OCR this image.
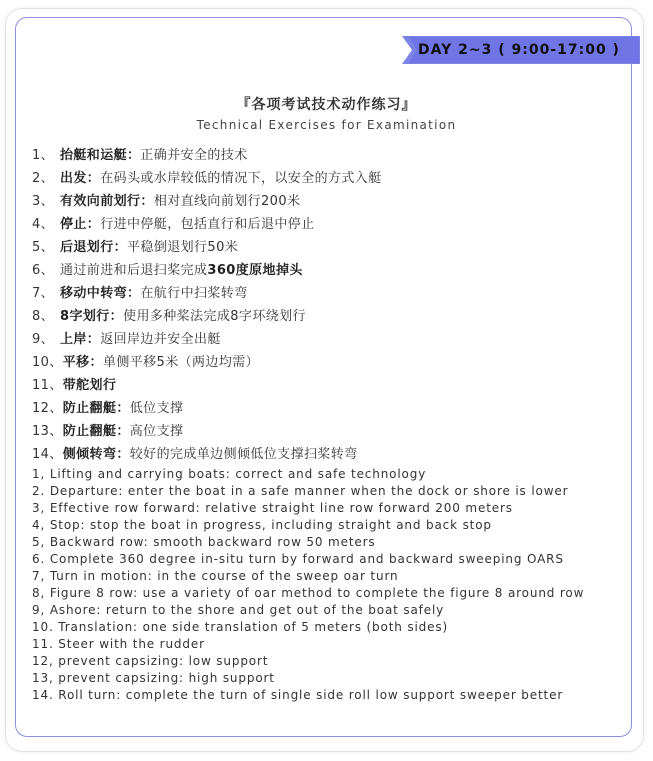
DAY 2~3 ( 9:00-17:00 )
『各项考试技术动作练习』
Technical Exercises for Examination
1、 抬艇和运艇：正确并安全的技术
2、 出发：在码头或水岸较低的情况下，以安全的方式入艇
3、 有效向前划行：相对直线向前划行200米
4、 停止：行进中停艇，包括直行和后退中停止
5、 后退划行：平稳倒退划行50米
6、 通过前进和后退扫桨完成360度原地掉头
7、 移动中转弯：在航行中扫桨转弯
8、 8字划行：使用多种桨法完成8字环绕划行
9、 上岸：返回岸边并安全出艇
10、平移：单侧平移5米（两边均需）
11、带舵划行
12、防止翻艇：低位支撑
13、防止翻艇：高位支撑
14、侧倾转弯：较好的完成单边侧倾低位支撑扫桨转弯
1, Lifting and carrying boats: correct and safe technology
2. Departure: enter the boat in a safe manner when the dock or shore is lower
3, Effective row forward: relative straight line row forward 200 meters
4, Stop: stop the boat in progress, including straight and back stop
5, Backward row: smooth backward row 50 meters
6. Complete 360 degree in-situ turn by forward and backward sweeping OARS
7, Turn in motion: in the course of the sweep oar turn
8, Figure 8 row: use a variety of oar method to complete the figure 8 around row
9, Ashore: return to the shore and get out of the boat safely
10. Translation: one side translation of 5 meters (both sides)
11. Steer with the rudder
12, prevent capsizing: low support
13, prevent capsizing: high support
14. Roll turn: complete the turn of single side roll low support sweeper better
